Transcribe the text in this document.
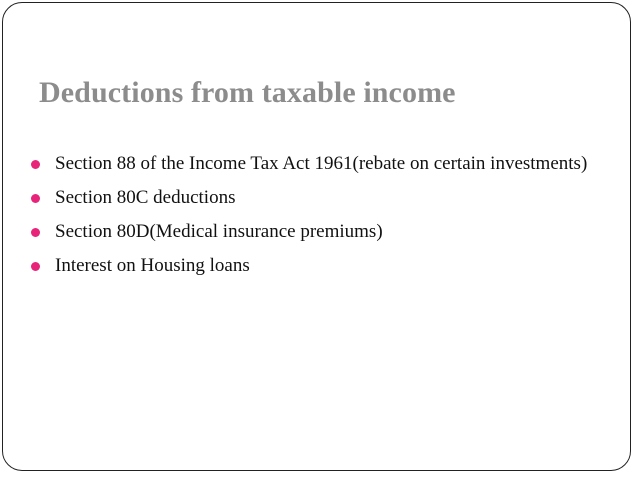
Deductions from taxable income
Section 88 of the Income Tax Act 1961(rebate on certain investments)
Section 80C deductions
Section 80D(Medical insurance premiums)
Interest on Housing loans
